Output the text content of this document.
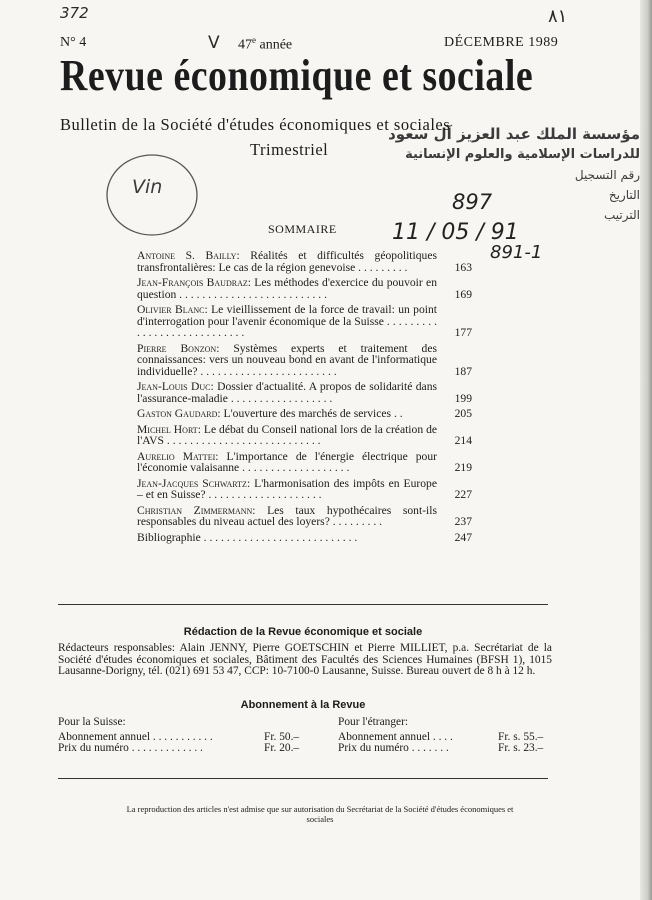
372	٨١
Vin
مؤسسة الملك عبد العزيز آل سعود
للدراسات الإسلامية والعلوم الإنسانية
رقم التسجيل
التاريخ
الترتيب
897
11 / 05 / 91
891-1
N° 4	V 47e année	DÉCEMBRE 1989
Revue économique et sociale
Bulletin de la Société d'études économiques et sociales
Trimestriel
SOMMAIRE
Antoine S. Bailly: Réalités et difficultés géopolitiques transfrontalières: Le cas de la région genevoise . . . . . . . . .	163
Jean-François Baudraz: Les méthodes d'exercice du pouvoir en question . . . . . . . . . . . . . . . . . . . . . . . . . .	169
Olivier Blanc: Le vieillissement de la force de travail: un point d'interrogation pour l'avenir économique de la Suisse . . . . . . . . . . . . . . . . . . . . . . . . . . . .	177
Pierre Bonzon: Systèmes experts et traitement des connaissances: vers un nouveau bond en avant de l'informatique individuelle? . . . . . . . . . . . . . . . . . . . . . . . .	187
Jean-Louis Duc: Dossier d'actualité. A propos de solidarité dans l'assurance-maladie . . . . . . . . . . . . . . . . . .	199
Gaston Gaudard: L'ouverture des marchés de services . .	205
Michel Hort: Le débat du Conseil national lors de la création de l'AVS . . . . . . . . . . . . . . . . . . . . . . . . . . .	214
Aurelio Mattei: L'importance de l'énergie électrique pour l'économie valaisanne . . . . . . . . . . . . . . . . . . .	219
Jean-Jacques Schwartz: L'harmonisation des impôts en Europe – et en Suisse? . . . . . . . . . . . . . . . . . . . .	227
Christian Zimmermann: Les taux hypothécaires sont-ils responsables du niveau actuel des loyers? . . . . . . . . .	237
Bibliographie . . . . . . . . . . . . . . . . . . . . . . . . . . .	247
Rédaction de la Revue économique et sociale
Rédacteurs responsables: Alain JENNY, Pierre GOETSCHIN et Pierre MILLIET, p.a. Secrétariat de la Société d'études économiques et sociales, Bâtiment des Facultés des Sciences Humaines (BFSH 1), 1015 Lausanne-Dorigny, tél. (021) 691 53 47, CCP: 10-7100-0 Lausanne, Suisse. Bureau ouvert de 8 h à 12 h.
Abonnement à la Revue
Pour la Suisse:
Abonnement annuel . . . . . . . . . . .	Fr. 50.–
Prix du numéro . . . . . . . . . . . . .	Fr. 20.–
Pour l'étranger:
Abonnement annuel . . . .	Fr. s. 55.–
Prix du numéro . . . . . . .	Fr. s. 23.–
La reproduction des articles n'est admise que sur autorisation du Secrétariat de la Société d'études économiques et sociales
